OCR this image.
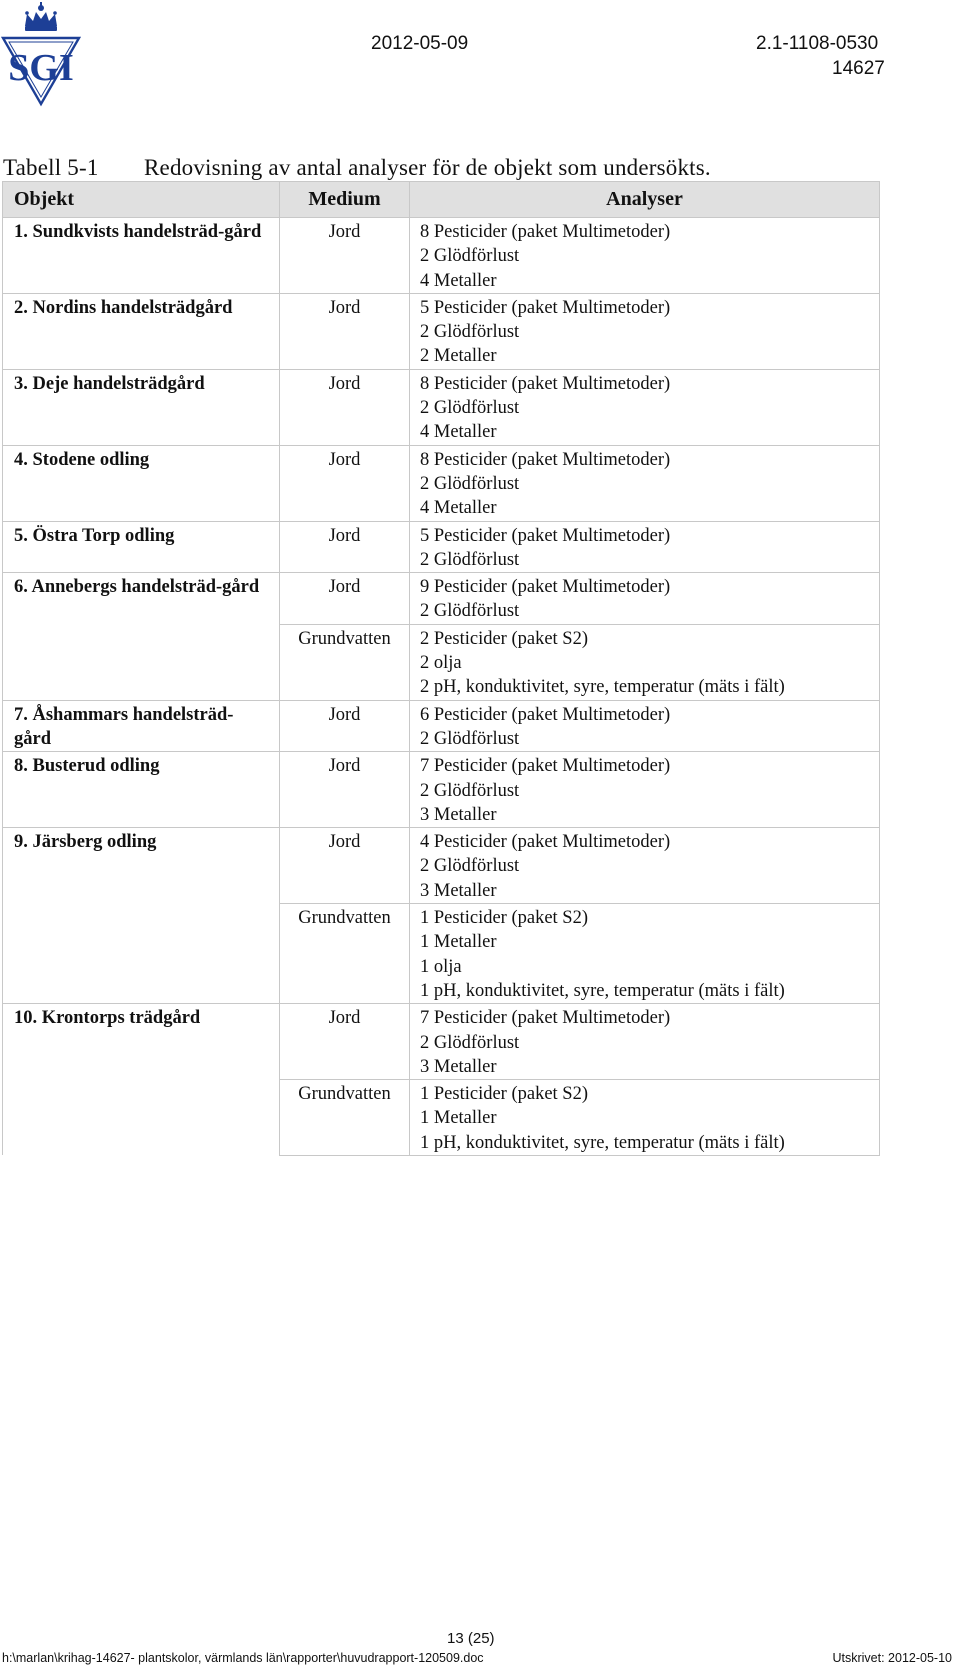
SGI
2012-05-09	2.1-1108-0530
14627
Tabell 5-1 Redovisning av antal analyser för de objekt som undersökts.
Objekt	Medium	Analyser
1. Sundkvists handelsträd-gård	Jord	8 Pesticider (paket Multimetoder)
2 Glödförlust
4 Metaller

2. Nordins handelsträdgård	Jord	5 Pesticider (paket Multimetoder)
2 Glödförlust
2 Metaller

3. Deje handelsträdgård	Jord	8 Pesticider (paket Multimetoder)
2 Glödförlust
4 Metaller

4. Stodene odling	Jord	8 Pesticider (paket Multimetoder)
2 Glödförlust
4 Metaller

5. Östra Torp odling	Jord	5 Pesticider (paket Multimetoder)
2 Glödförlust

6. Annebergs handelsträd-gård	Jord	9 Pesticider (paket Multimetoder)
2 Glödförlust

	Grundvatten	2 Pesticider (paket S2)
2 olja
2 pH, konduktivitet, syre, temperatur (mäts i fält)

7. Åshammars handelsträd-gård	Jord	6 Pesticider (paket Multimetoder)
2 Glödförlust

8. Busterud odling	Jord	7 Pesticider (paket Multimetoder)
2 Glödförlust
3 Metaller

9. Järsberg odling	Jord	4 Pesticider (paket Multimetoder)
2 Glödförlust
3 Metaller

	Grundvatten	1 Pesticider (paket S2)
1 Metaller
1 olja
1 pH, konduktivitet, syre, temperatur (mäts i fält)

10. Krontorps trädgård	Jord	7 Pesticider (paket Multimetoder)
2 Glödförlust
3 Metaller

	Grundvatten	1 Pesticider (paket S2)
1 Metaller
1 pH, konduktivitet, syre, temperatur (mäts i fält)
13 (25)
h:\marlan\krihag-14627- plantskolor, värmlands län\rapporter\huvudrapport-120509.doc	Utskrivet: 2012-05-10
